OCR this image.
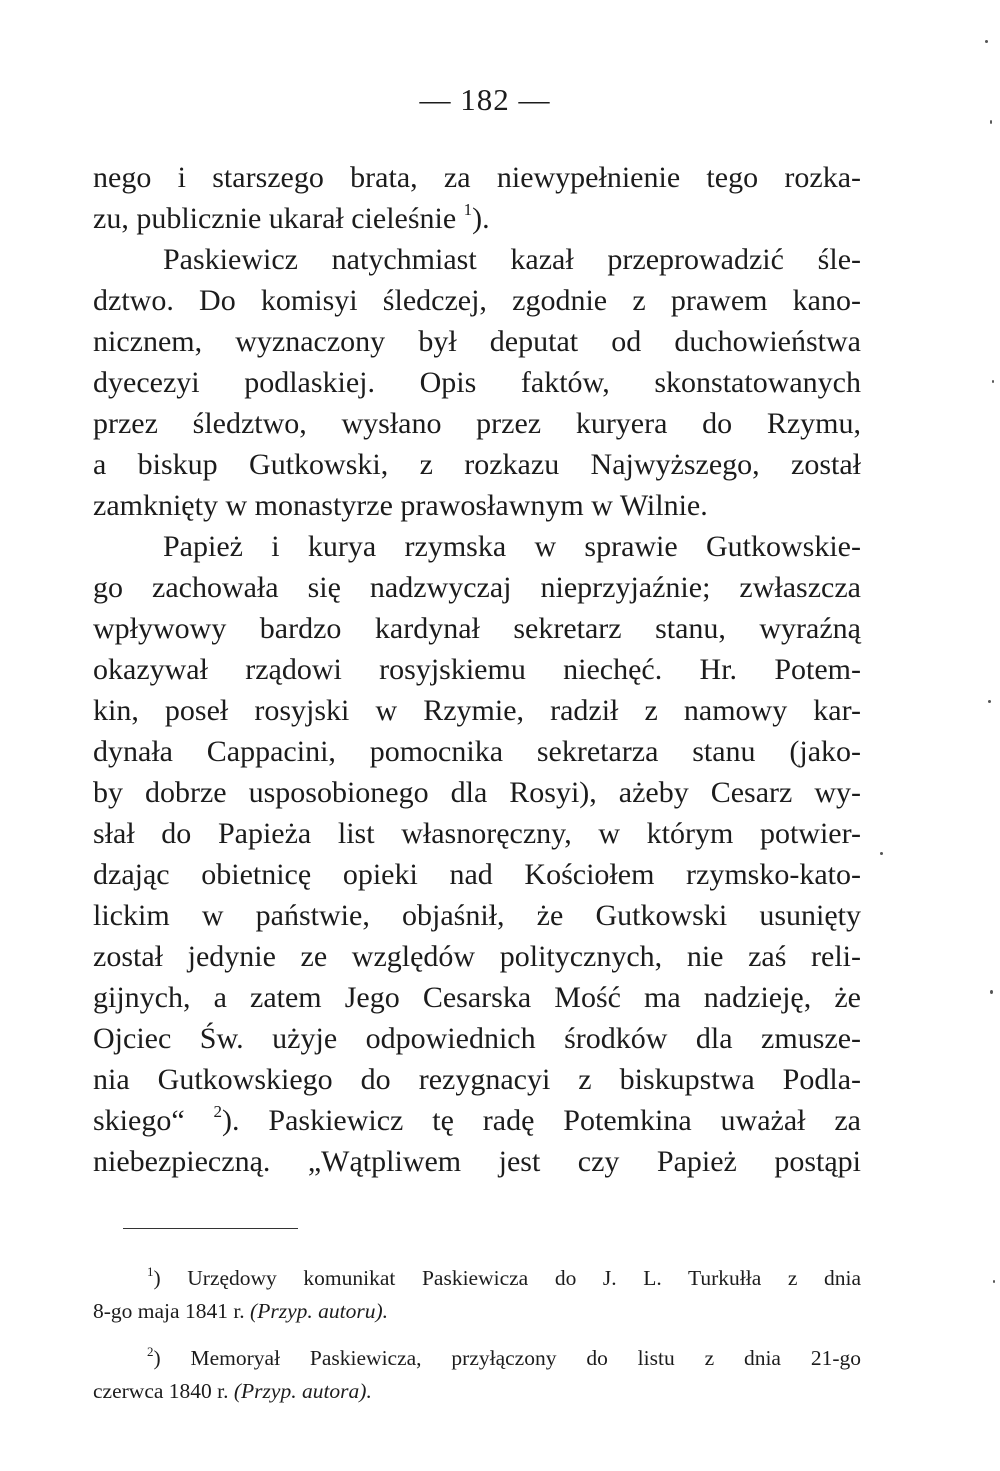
— 182 —
nego i starszego brata, za niewypełnienie tego rozka-
zu, publicznie ukarał cieleśnie $^1$).
Paskiewicz natychmiast kazał przeprowadzić śle-
dztwo. Do komisyi śledczej, zgodnie z prawem kano-
nicznem, wyznaczony był deputat od duchowieństwa
dyecezyi podlaskiej. Opis faktów, skonstatowanych
przez śledztwo, wysłano przez kuryera do Rzymu,
a biskup Gutkowski, z rozkazu Najwyższego, został
zamknięty w monastyrze prawosławnym w Wilnie.
Papież i kurya rzymska w sprawie Gutkowskie-
go zachowała się nadzwyczaj nieprzyjaźnie; zwłaszcza
wpływowy bardzo kardynał sekretarz stanu, wyraźną
okazywał rządowi rosyjskiemu niechęć. Hr. Potem-
kin, poseł rosyjski w Rzymie, radził z namowy kar-
dynała Cappacini, pomocnika sekretarza stanu (jako-
by dobrze usposobionego dla Rosyi), ażeby Cesarz wy-
słał do Papieża list własnoręczny, w którym potwier-
dzając obietnicę opieki nad Kościołem rzymsko-kato-
lickim w państwie, objaśnił, że Gutkowski usunięty
został jedynie ze względów politycznych, nie zaś reli-
gijnych, a zatem Jego Cesarska Mość ma nadzieję, że
Ojciec Św. użyje odpowiednich środków dla zmusze-
nia Gutkowskiego do rezygnacyi z biskupstwa Podla-
skiego“ $^2$). Paskiewicz tę radę Potemkina uważał za
niebezpieczną. „Wątpliwem jest czy Papież postąpi
$^1$) Urzędowy komunikat Paskiewicza do J. L. Turkułła z dnia
8-go maja 1841 r. (Przyp. autoru).
$^2$) Memoryał Paskiewicza, przyłączony do listu z dnia 21-go
czerwca 1840 r. (Przyp. autora).
